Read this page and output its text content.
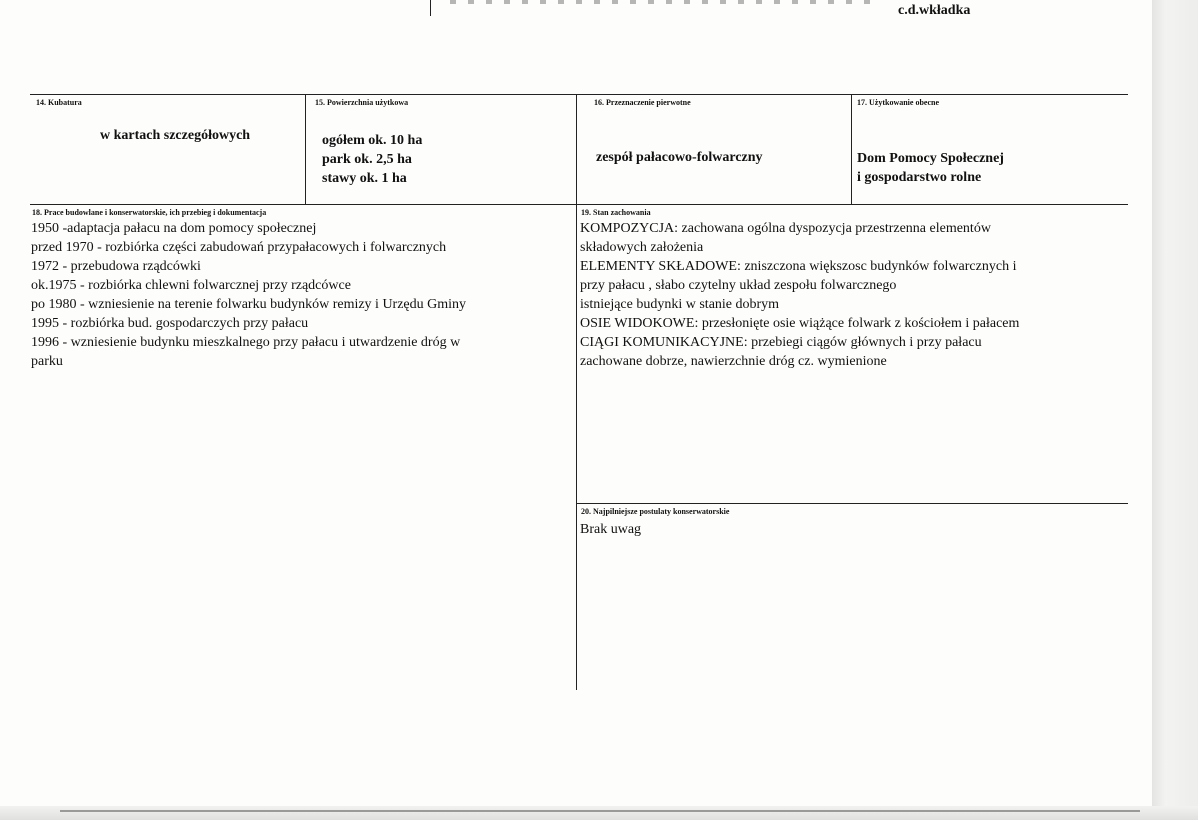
c.d.wkładka
14. Kubatura
w kartach szczegółowych
15. Powierzchnia użytkowa
ogółem ok. 10 ha
park ok. 2,5 ha
stawy ok. 1 ha
16. Przeznaczenie pierwotne
zespół pałacowo-folwarczny
17. Użytkowanie obecne
Dom Pomocy Społecznej
i gospodarstwo rolne
18. Prace budowlane i konserwatorskie, ich przebieg i dokumentacja
1950 -adaptacja pałacu na dom pomocy społecznej
przed 1970 - rozbiórka części zabudowań przypałacowych i folwarcznych
1972 - przebudowa rządcówki
ok.1975 - rozbiórka chlewni folwarcznej przy rządcówce
po 1980 - wzniesienie na terenie folwarku budynków remizy i Urzędu Gminy
1995 - rozbiórka bud. gospodarczych przy pałacu
1996 - wzniesienie budynku mieszkalnego przy pałacu i utwardzenie dróg w
parku
19. Stan zachowania
KOMPOZYCJA: zachowana ogólna dyspozycja przestrzenna elementów
składowych założenia
ELEMENTY SKŁADOWE: zniszczona większosc budynków folwarcznych i
przy pałacu , słabo czytelny układ zespołu folwarcznego
istniejące budynki w stanie dobrym
OSIE WIDOKOWE: przesłonięte osie wiążące folwark z kościołem i pałacem
CIĄGI KOMUNIKACYJNE: przebiegi ciągów głównych i przy pałacu
zachowane dobrze, nawierzchnie dróg cz. wymienione
20. Najpilniejsze postulaty konserwatorskie
Brak uwag
